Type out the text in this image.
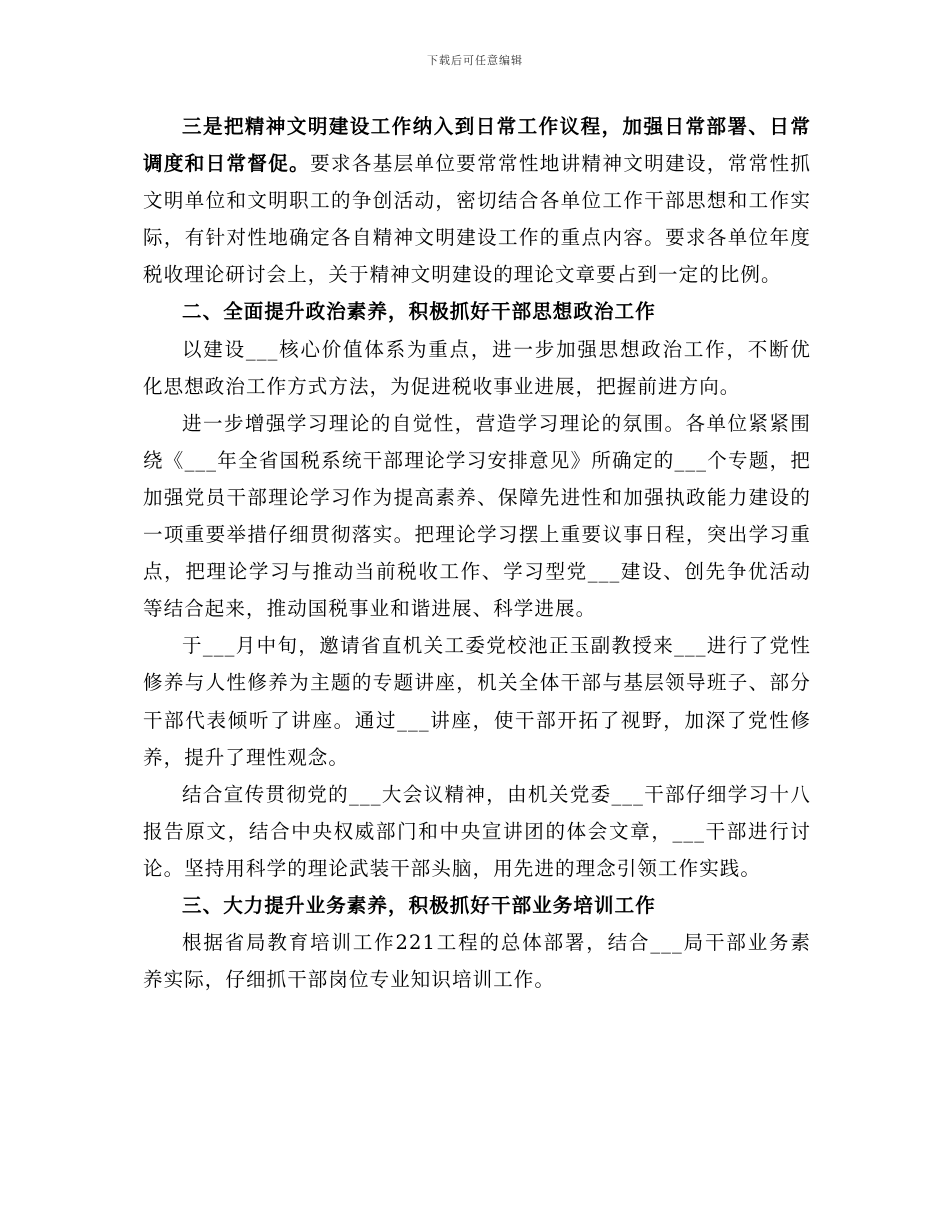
下载后可任意编辑

三是把精神文明建设工作纳入到日常工作议程，加强日常部署、日常调度和日常督促。要求各基层单位要常常性地讲精神文明建设，常常性抓文明单位和文明职工的争创活动，密切结合各单位工作干部思想和工作实际，有针对性地确定各自精神文明建设工作的重点内容。要求各单位年度税收理论研讨会上，关于精神文明建设的理论文章要占到一定的比例。

二、全面提升政治素养，积极抓好干部思想政治工作

以建设___核心价值体系为重点，进一步加强思想政治工作，不断优化思想政治工作方式方法，为促进税收事业进展，把握前进方向。

进一步增强学习理论的自觉性，营造学习理论的氛围。各单位紧紧围绕《___年全省国税系统干部理论学习安排意见》所确定的___个专题，把加强党员干部理论学习作为提高素养、保障先进性和加强执政能力建设的一项重要举措仔细贯彻落实。把理论学习摆上重要议事日程，突出学习重点，把理论学习与推动当前税收工作、学习型党___建设、创先争优活动等结合起来，推动国税事业和谐进展、科学进展。

于___月中旬，邀请省直机关工委党校池正玉副教授来___进行了党性修养与人性修养为主题的专题讲座，机关全体干部与基层领导班子、部分干部代表倾听了讲座。通过___讲座，使干部开拓了视野，加深了党性修养，提升了理性观念。

结合宣传贯彻党的___大会议精神，由机关党委___干部仔细学习十八报告原文，结合中央权威部门和中央宣讲团的体会文章，___干部进行讨论。坚持用科学的理论武装干部头脑，用先进的理念引领工作实践。

三、大力提升业务素养，积极抓好干部业务培训工作

根据省局教育培训工作221工程的总体部署，结合___局干部业务素养实际，仔细抓干部岗位专业知识培训工作。
